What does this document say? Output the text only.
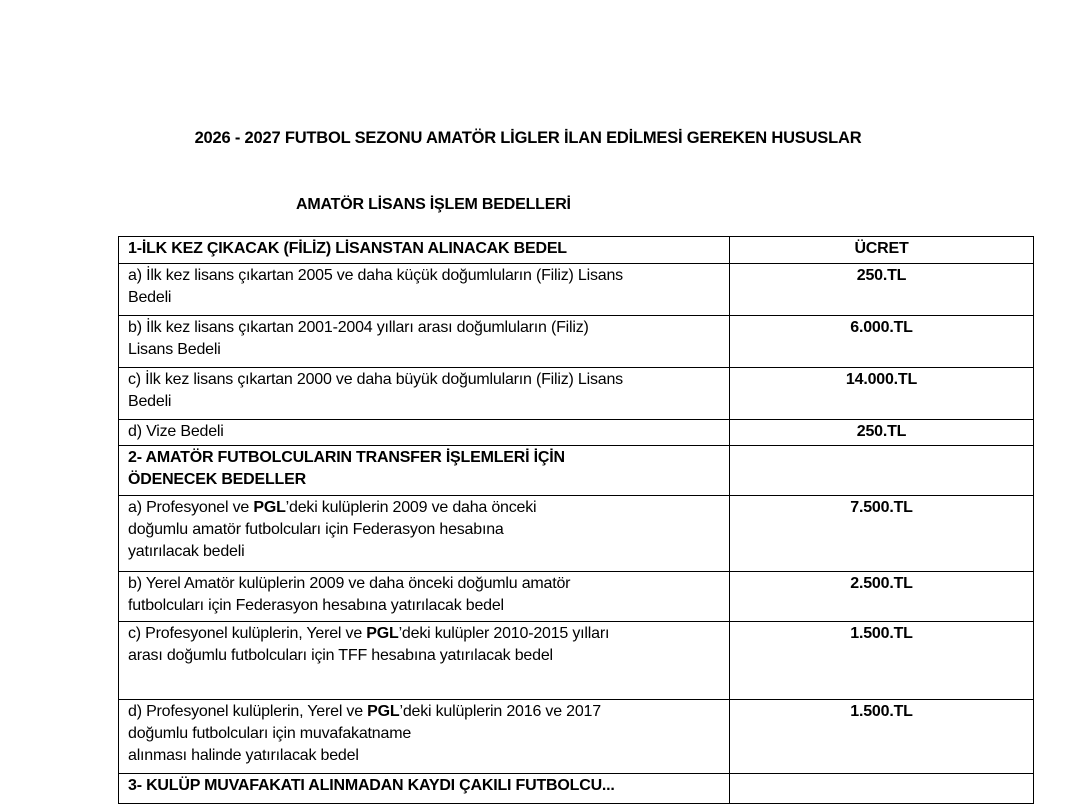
2026 - 2027 FUTBOL SEZONU AMATÖR LİGLER İLAN EDİLMESİ GEREKEN HUSUSLAR
AMATÖR LİSANS İŞLEM BEDELLERİ
1-İLK KEZ ÇIKACAK (FİLİZ) LİSANSTAN ALINACAK BEDEL	ÜCRET
a) İlk kez lisans çıkartan 2005 ve daha küçük doğumluların (Filiz) Lisans
Bedeli	250.TL
b) İlk kez lisans çıkartan 2001-2004 yılları arası doğumluların (Filiz)
Lisans Bedeli	6.000.TL
c) İlk kez lisans çıkartan 2000 ve daha büyük doğumluların (Filiz) Lisans
Bedeli	14.000.TL
d) Vize Bedeli	250.TL
2- AMATÖR FUTBOLCULARIN TRANSFER İŞLEMLERİ İÇİN
ÖDENECEK BEDELLER	
a) Profesyonel ve PGL’deki kulüplerin 2009 ve daha önceki
doğumlu amatör futbolcuları için Federasyon hesabına
yatırılacak bedeli	7.500.TL
b) Yerel Amatör kulüplerin 2009 ve daha önceki doğumlu amatör
futbolcuları için Federasyon hesabına yatırılacak bedel	2.500.TL
c) Profesyonel kulüplerin, Yerel ve PGL’deki kulüpler 2010-2015 yılları
arası doğumlu futbolcuları için TFF hesabına yatırılacak bedel	1.500.TL
d) Profesyonel kulüplerin, Yerel ve PGL’deki kulüplerin 2016 ve 2017
doğumlu futbolcuları için muvafakatname
alınması halinde yatırılacak bedel	1.500.TL
3- KULÜP MUVAFAKATI ALINMADAN KAYDI ÇAKILI FUTBOLCU...	
